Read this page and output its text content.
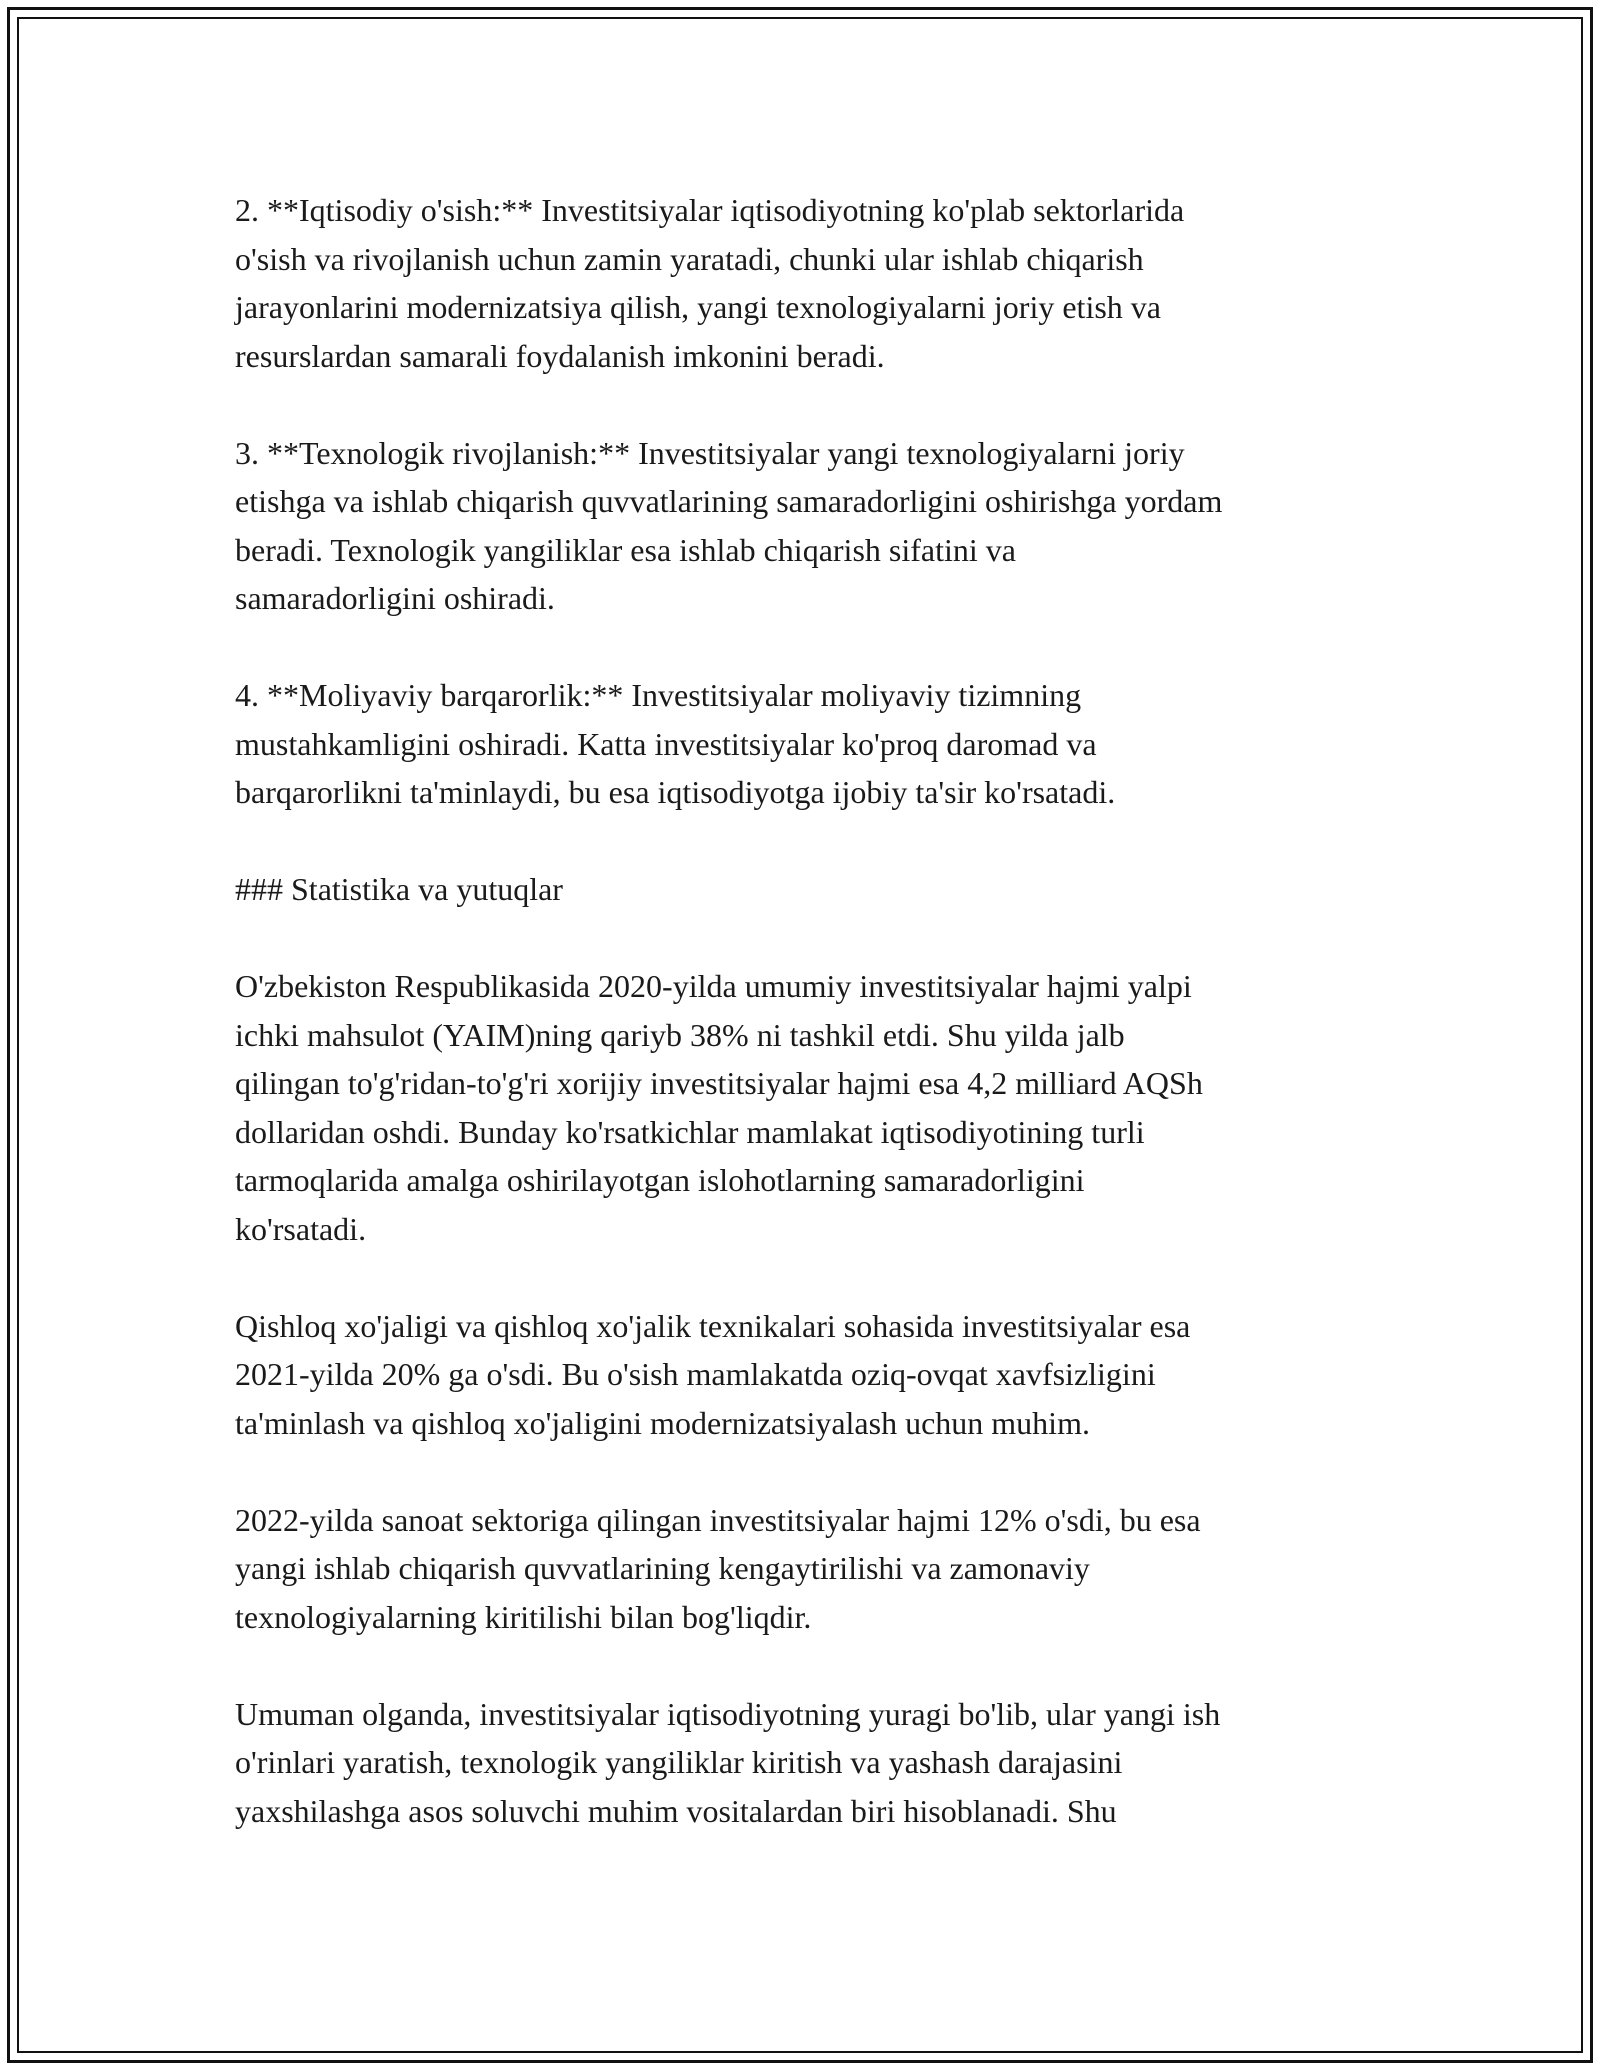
2. **Iqtisodiy o'sish:** Investitsiyalar iqtisodiyotning ko'plab sektorlarida
o'sish va rivojlanish uchun zamin yaratadi, chunki ular ishlab chiqarish
jarayonlarini modernizatsiya qilish, yangi texnologiyalarni joriy etish va
resurslardan samarali foydalanish imkonini beradi.

3. **Texnologik rivojlanish:** Investitsiyalar yangi texnologiyalarni joriy
etishga va ishlab chiqarish quvvatlarining samaradorligini oshirishga yordam
beradi. Texnologik yangiliklar esa ishlab chiqarish sifatini va
samaradorligini oshiradi.

4. **Moliyaviy barqarorlik:** Investitsiyalar moliyaviy tizimning
mustahkamligini oshiradi. Katta investitsiyalar ko'proq daromad va
barqarorlikni ta'minlaydi, bu esa iqtisodiyotga ijobiy ta'sir ko'rsatadi.

### Statistika va yutuqlar

O'zbekiston Respublikasida 2020-yilda umumiy investitsiyalar hajmi yalpi
ichki mahsulot (YAIM)ning qariyb 38% ni tashkil etdi. Shu yilda jalb
qilingan to'g'ridan-to'g'ri xorijiy investitsiyalar hajmi esa 4,2 milliard AQSh
dollaridan oshdi. Bunday ko'rsatkichlar mamlakat iqtisodiyotining turli
tarmoqlarida amalga oshirilayotgan islohotlarning samaradorligini
ko'rsatadi.

Qishloq xo'jaligi va qishloq xo'jalik texnikalari sohasida investitsiyalar esa
2021-yilda 20% ga o'sdi. Bu o'sish mamlakatda oziq-ovqat xavfsizligini
ta'minlash va qishloq xo'jaligini modernizatsiyalash uchun muhim.

2022-yilda sanoat sektoriga qilingan investitsiyalar hajmi 12% o'sdi, bu esa
yangi ishlab chiqarish quvvatlarining kengaytirilishi va zamonaviy
texnologiyalarning kiritilishi bilan bog'liqdir.

Umuman olganda, investitsiyalar iqtisodiyotning yuragi bo'lib, ular yangi ish
o'rinlari yaratish, texnologik yangiliklar kiritish va yashash darajasini
yaxshilashga asos soluvchi muhim vositalardan biri hisoblanadi. Shu
